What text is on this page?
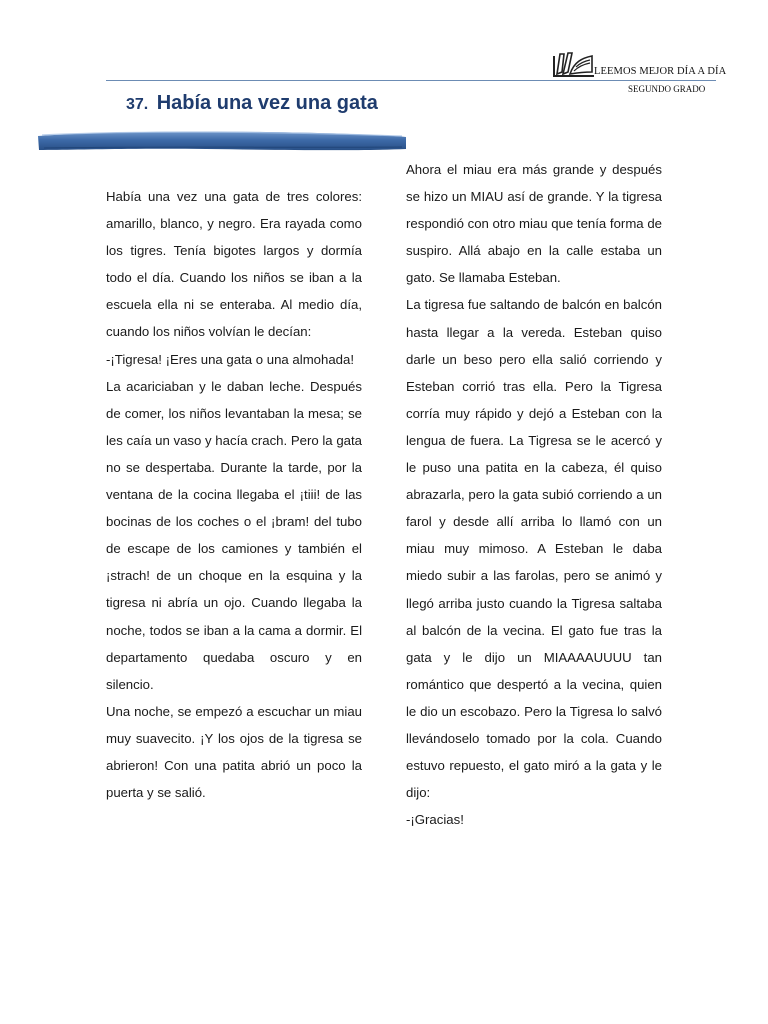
LEEMOS MEJOR DÍA A DÍA
SEGUNDO GRADO
37. Había una vez una gata

Había una vez una gata de tres colores: amarillo, blanco, y negro. Era rayada como los tigres. Tenía bigotes largos y dormía todo el día. Cuando los niños se iban a la escuela ella ni se enteraba. Al medio día, cuando los niños volvían le decían:

-¡Tigresa! ¡Eres una gata o una almohada!

La acariciaban y le daban leche. Después de comer, los niños levantaban la mesa; se les caía un vaso y hacía crach. Pero la gata no se despertaba. Durante la tarde, por la ventana de la cocina llegaba el ¡tiii! de las bocinas de los coches o el ¡bram! del tubo de escape de los camiones y también el ¡strach! de un choque en la esquina y la tigresa ni abría un ojo. Cuando llegaba la noche, todos se iban a la cama a dormir. El departamento quedaba oscuro y en silencio.

Una noche, se empezó a escuchar un miau muy suavecito. ¡Y los ojos de la tigresa se abrieron! Con una patita abrió un poco la puerta y se salió.

Ahora el miau era más grande y después se hizo un MIAU así de grande. Y la tigresa respondió con otro miau que tenía forma de suspiro. Allá abajo en la calle estaba un gato. Se llamaba Esteban.

La tigresa fue saltando de balcón en balcón hasta llegar a la vereda. Esteban quiso darle un beso pero ella salió corriendo y Esteban corrió tras ella. Pero la Tigresa corría muy rápido y dejó a Esteban con la lengua de fuera. La Tigresa se le acercó y le puso una patita en la cabeza, él quiso abrazarla, pero la gata subió corriendo a un farol y desde allí arriba lo llamó con un miau muy mimoso. A Esteban le daba miedo subir a las farolas, pero se animó y llegó arriba justo cuando la Tigresa saltaba al balcón de la vecina. El gato fue tras la gata y le dijo un MIAAAAUUUU tan romántico que despertó a la vecina, quien le dio un escobazo. Pero la Tigresa lo salvó llevándoselo tomado por la cola. Cuando estuvo repuesto, el gato miró a la gata y le dijo:

-¡Gracias!
